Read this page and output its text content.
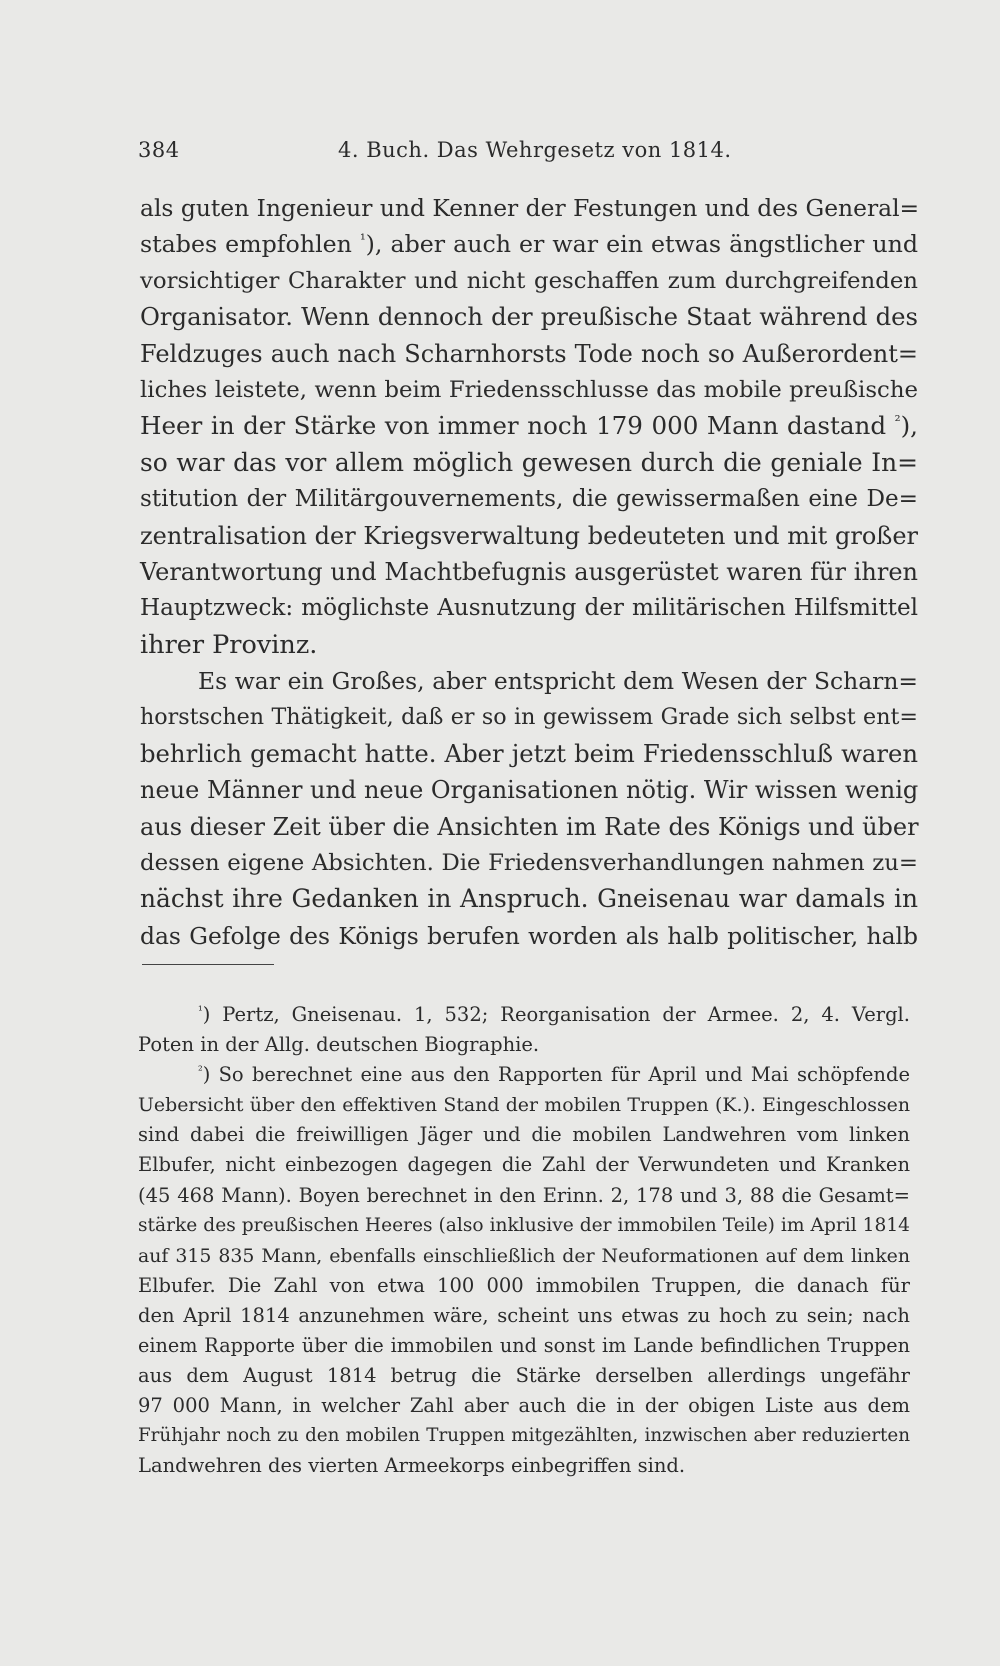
384	4. Buch. Das Wehrgesetz von 1814.
als guten Ingenieur und Kenner der Festungen und des General=
stabes empfohlen $^{^1}$), aber auch er war ein etwas ängstlicher und
vorsichtiger Charakter und nicht geschaffen zum durchgreifenden
Organisator. Wenn dennoch der preußische Staat während des
Feldzuges auch nach Scharnhorsts Tode noch so Außerordent=
liches leistete, wenn beim Friedensschlusse das mobile preußische
Heer in der Stärke von immer noch 179 000 Mann dastand $^{^2}$),
so war das vor allem möglich gewesen durch die geniale In=
stitution der Militärgouvernements, die gewissermaßen eine De=
zentralisation der Kriegsverwaltung bedeuteten und mit großer
Verantwortung und Machtbefugnis ausgerüstet waren für ihren
Hauptzweck: möglichste Ausnutzung der militärischen Hilfsmittel
ihrer Provinz.
Es war ein Großes, aber entspricht dem Wesen der Scharn=
horstschen Thätigkeit, daß er so in gewissem Grade sich selbst ent=
behrlich gemacht hatte. Aber jetzt beim Friedensschluß waren
neue Männer und neue Organisationen nötig. Wir wissen wenig
aus dieser Zeit über die Ansichten im Rate des Königs und über
dessen eigene Absichten. Die Friedensverhandlungen nahmen zu=
nächst ihre Gedanken in Anspruch. Gneisenau war damals in
das Gefolge des Königs berufen worden als halb politischer, halb
$^{^1}$) Pertz, Gneisenau. 1, 532; Reorganisation der Armee. 2, 4. Vergl.
Poten in der Allg. deutschen Biographie.
$^{^2}$) So berechnet eine aus den Rapporten für April und Mai schöpfende
Uebersicht über den effektiven Stand der mobilen Truppen (K.). Eingeschlossen
sind dabei die freiwilligen Jäger und die mobilen Landwehren vom linken
Elbufer, nicht einbezogen dagegen die Zahl der Verwundeten und Kranken
(45 468 Mann). Boyen berechnet in den Erinn. 2, 178 und 3, 88 die Gesamt=
stärke des preußischen Heeres (also inklusive der immobilen Teile) im April 1814
auf 315 835 Mann, ebenfalls einschließlich der Neuformationen auf dem linken
Elbufer. Die Zahl von etwa 100 000 immobilen Truppen, die danach für
den April 1814 anzunehmen wäre, scheint uns etwas zu hoch zu sein; nach
einem Rapporte über die immobilen und sonst im Lande befindlichen Truppen
aus dem August 1814 betrug die Stärke derselben allerdings ungefähr
97 000 Mann, in welcher Zahl aber auch die in der obigen Liste aus dem
Frühjahr noch zu den mobilen Truppen mitgezählten, inzwischen aber reduzierten
Landwehren des vierten Armeekorps einbegriffen sind.
